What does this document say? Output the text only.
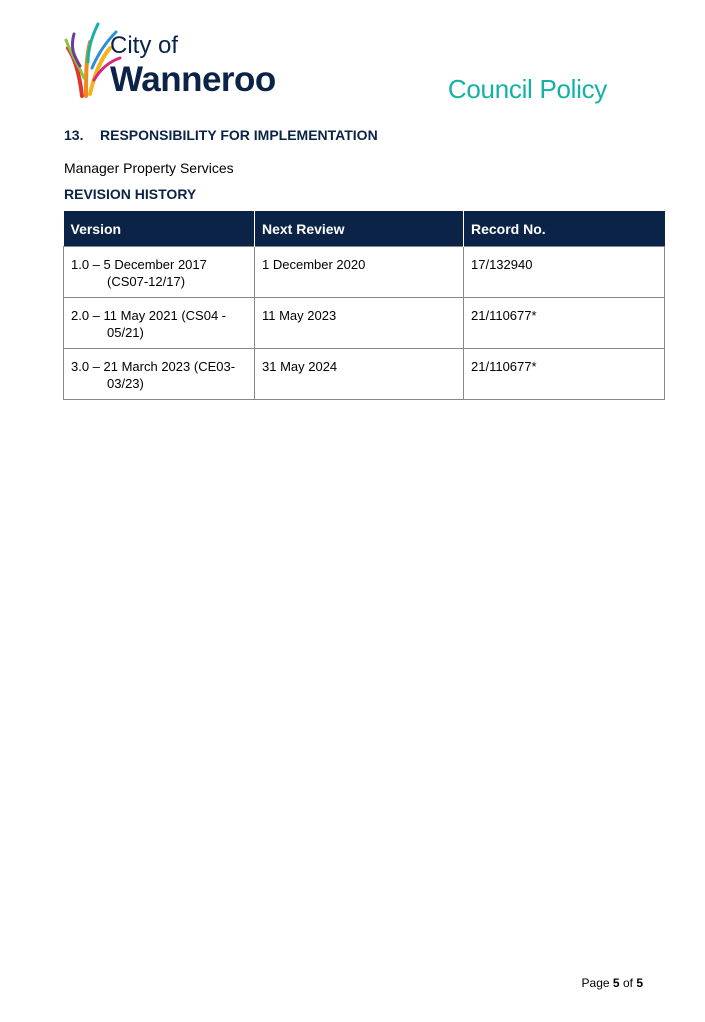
City of
Wanneroo	Council Policy
13. RESPONSIBILITY FOR IMPLEMENTATION
Manager Property Services
REVISION HISTORY
Version	Next Review	Record No.

1.0 – 5 December 2017 (CS07-12/17)	1 December 2020	17/132940

2.0 – 11 May 2021 (CS04 - 05/21)	11 May 2023	21/110677*

3.0 – 21 March 2023 (CE03-03/23)	31 May 2024	21/110677*
Page 5 of 5
